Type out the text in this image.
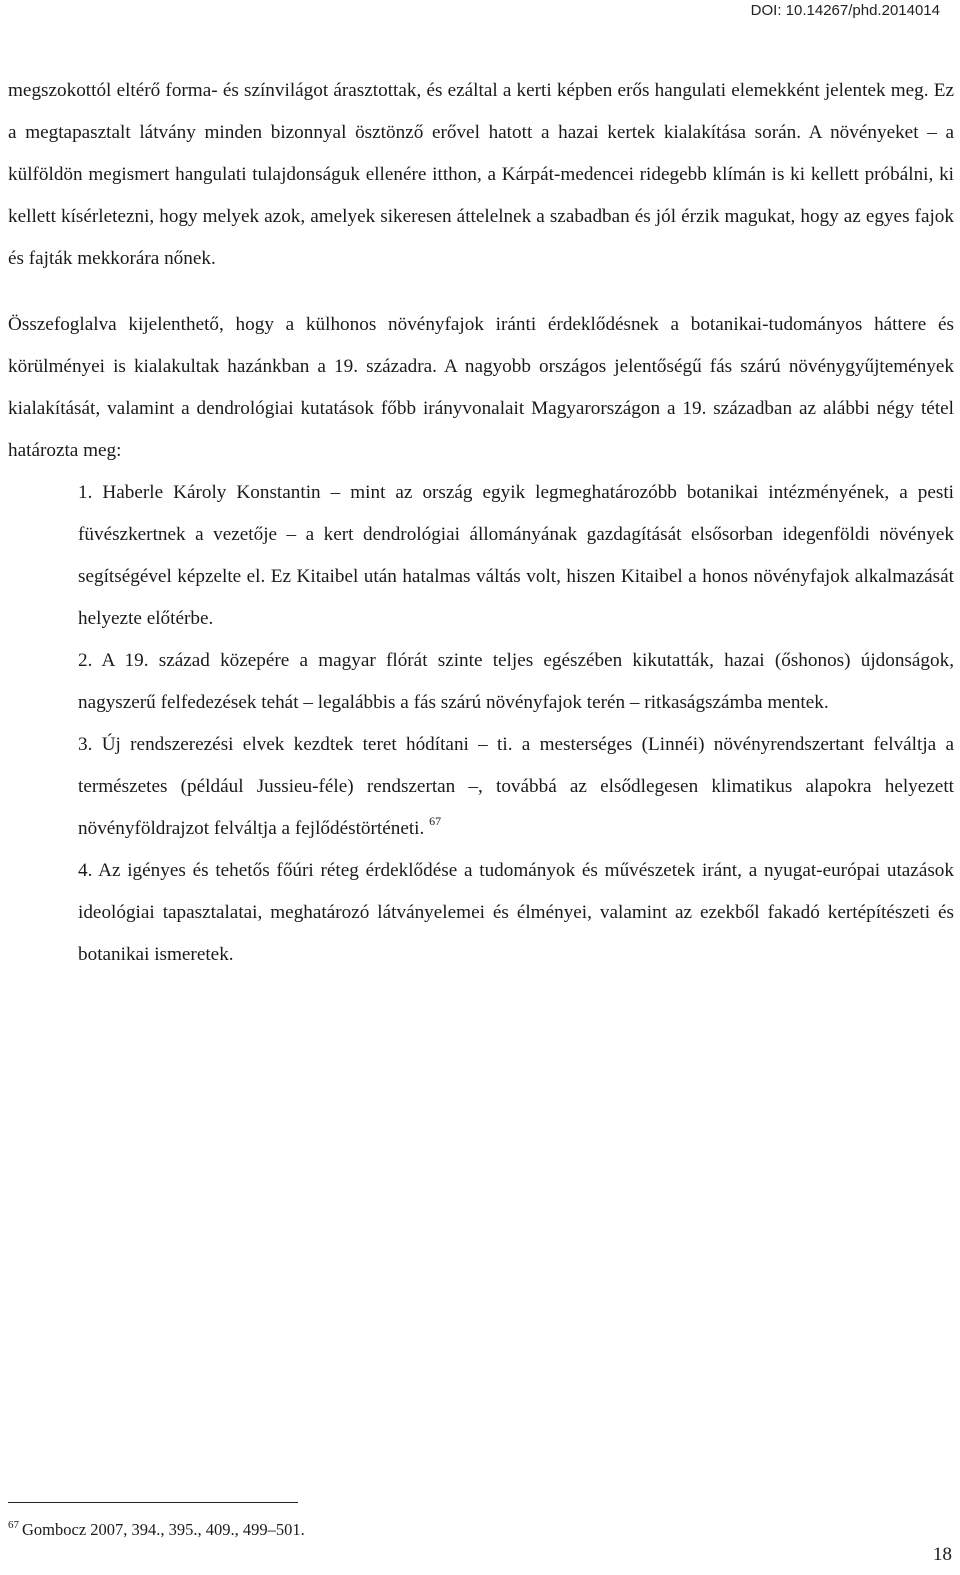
DOI: 10.14267/phd.2014014

megszokottól eltérő forma- és színvilágot árasztottak, és ezáltal a kerti képben erős hangulati elemekként jelentek meg. Ez a megtapasztalt látvány minden bizonnyal ösztönző erővel hatott a hazai kertek kialakítása során. A növényeket – a külföldön megismert hangulati tulajdonságuk ellenére itthon, a Kárpát-medencei ridegebb klímán is ki kellett próbálni, ki kellett kísérletezni, hogy melyek azok, amelyek sikeresen áttelelnek a szabadban és jól érzik magukat, hogy az egyes fajok és fajták mekkorára nőnek.

Összefoglalva kijelenthető, hogy a külhonos növényfajok iránti érdeklődésnek a botanikai-tudományos háttere és körülményei is kialakultak hazánkban a 19. századra. A nagyobb országos jelentőségű fás szárú növénygyűjtemények kialakítását, valamint a dendrológiai kutatások főbb irányvonalait Magyarországon a 19. században az alábbi négy tétel határozta meg:

1. Haberle Károly Konstantin – mint az ország egyik legmeghatározóbb botanikai intézményének, a pesti füvészkertnek a vezetője – a kert dendrológiai állományának gazdagítását elsősorban idegenföldi növények segítségével képzelte el. Ez Kitaibel után hatalmas váltás volt, hiszen Kitaibel a honos növényfajok alkalmazását helyezte előtérbe.

2. A 19. század közepére a magyar flórát szinte teljes egészében kikutatták, hazai (őshonos) újdonságok, nagyszerű felfedezések tehát – legalábbis a fás szárú növényfajok terén – ritkaságszámba mentek.

3. Új rendszerezési elvek kezdtek teret hódítani – ti. a mesterséges (Linnéi) növényrendszertant felváltja a természetes (például Jussieu-féle) rendszertan –, továbbá az elsődlegesen klimatikus alapokra helyezett növényföldrajzot felváltja a fejlődéstörténeti. $^{67}$

4. Az igényes és tehetős főúri réteg érdeklődése a tudományok és művészetek iránt, a nyugat-európai utazások ideológiai tapasztalatai, meghatározó látványelemei és élményei, valamint az ezekből fakadó kertépítészeti és botanikai ismeretek.

$^{67}$ Gombocz 2007, 394., 395., 409., 499–501.
18
